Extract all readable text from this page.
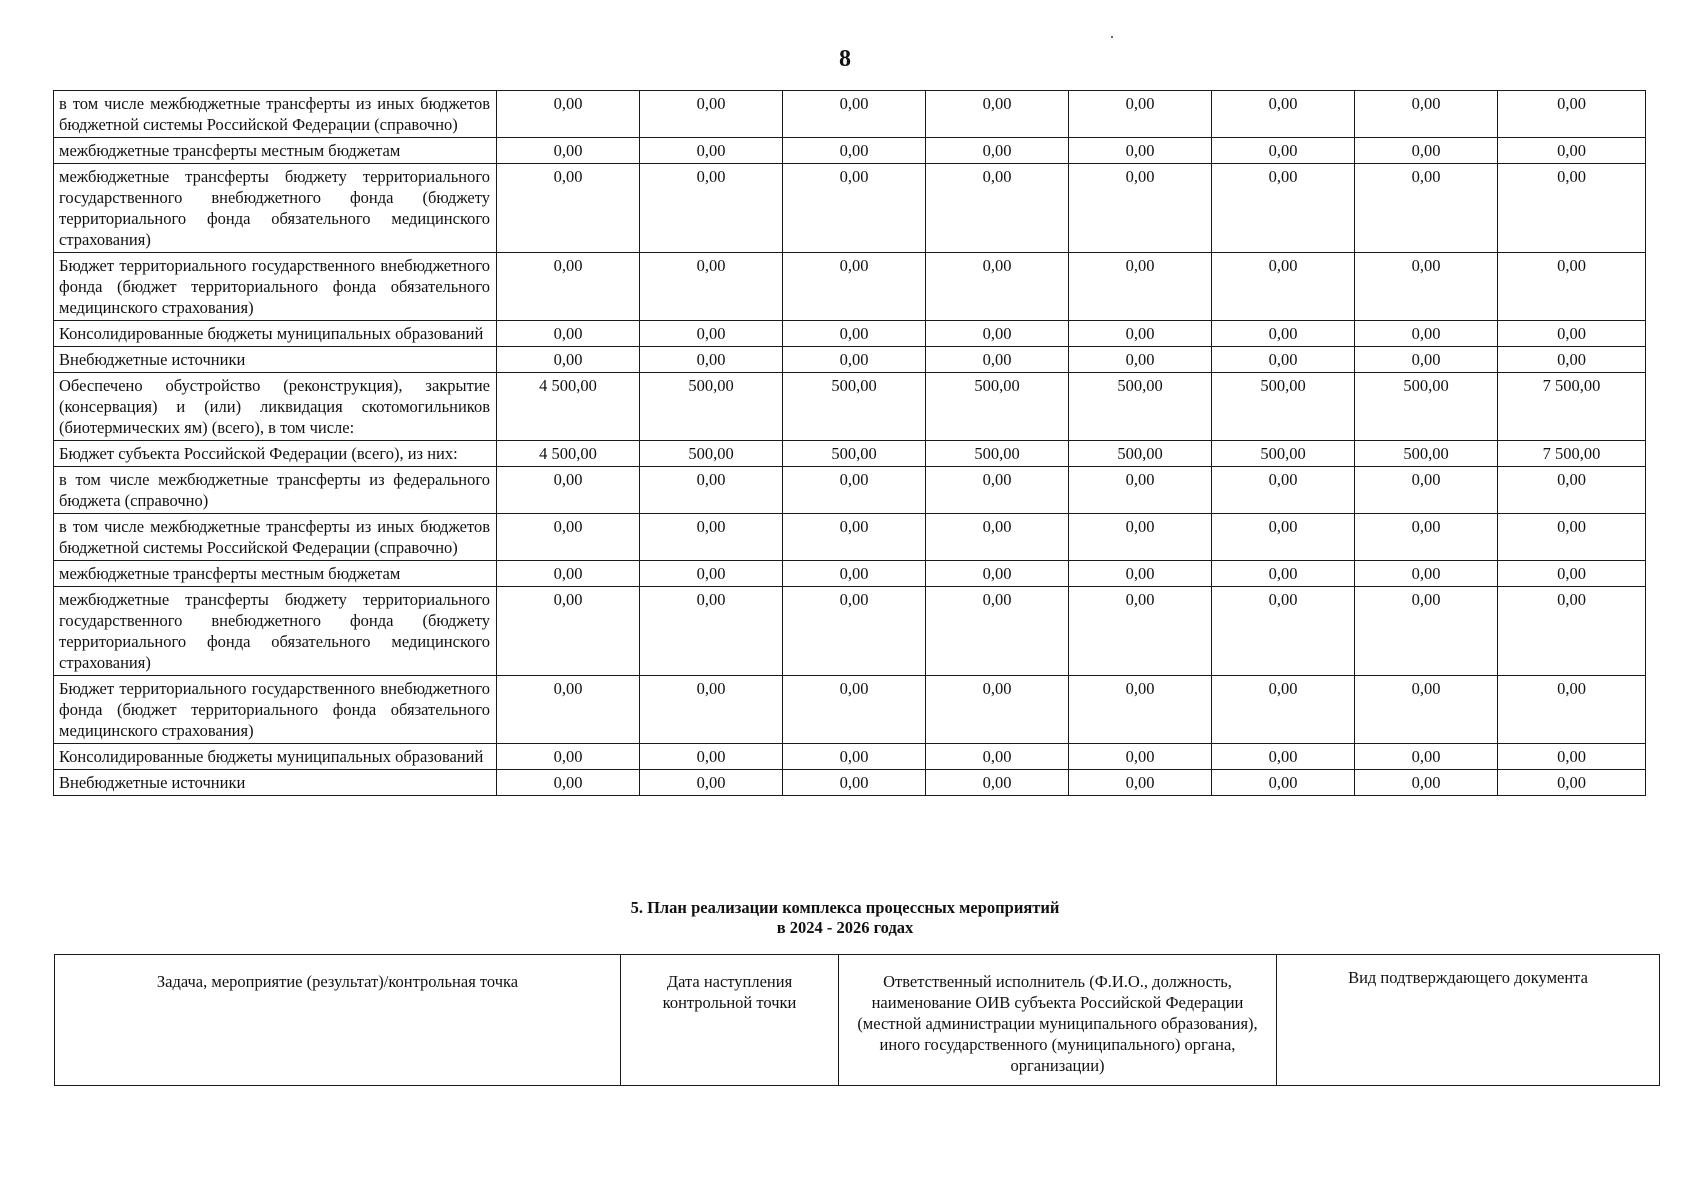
8
в том числе межбюджетные трансферты из иных бюджетов бюджетной системы Российской Федерации (справочно)	0,00	0,00	0,00	0,00	0,00	0,00	0,00	0,00
межбюджетные трансферты местным бюджетам	0,00	0,00	0,00	0,00	0,00	0,00	0,00	0,00
межбюджетные трансферты бюджету территориального государственного внебюджетного фонда (бюджету территориального фонда обязательного медицинского страхования)	0,00	0,00	0,00	0,00	0,00	0,00	0,00	0,00
Бюджет территориального государственного внебюджетного фонда (бюджет территориального фонда обязательного медицинского страхования)	0,00	0,00	0,00	0,00	0,00	0,00	0,00	0,00
Консолидированные бюджеты муниципальных образований	0,00	0,00	0,00	0,00	0,00	0,00	0,00	0,00
Внебюджетные источники	0,00	0,00	0,00	0,00	0,00	0,00	0,00	0,00
Обеспечено обустройство (реконструкция), закрытие (консервация) и (или) ликвидация скотомогильников (биотермических ям) (всего), в том числе:	4 500,00	500,00	500,00	500,00	500,00	500,00	500,00	7 500,00
Бюджет субъекта Российской Федерации (всего), из них:	4 500,00	500,00	500,00	500,00	500,00	500,00	500,00	7 500,00
в том числе межбюджетные трансферты из федерального бюджета (справочно)	0,00	0,00	0,00	0,00	0,00	0,00	0,00	0,00
в том числе межбюджетные трансферты из иных бюджетов бюджетной системы Российской Федерации (справочно)	0,00	0,00	0,00	0,00	0,00	0,00	0,00	0,00
межбюджетные трансферты местным бюджетам	0,00	0,00	0,00	0,00	0,00	0,00	0,00	0,00
межбюджетные трансферты бюджету территориального государственного внебюджетного фонда (бюджету территориального фонда обязательного медицинского страхования)	0,00	0,00	0,00	0,00	0,00	0,00	0,00	0,00
Бюджет территориального государственного внебюджетного фонда (бюджет территориального фонда обязательного медицинского страхования)	0,00	0,00	0,00	0,00	0,00	0,00	0,00	0,00
Консолидированные бюджеты муниципальных образований	0,00	0,00	0,00	0,00	0,00	0,00	0,00	0,00
Внебюджетные источники	0,00	0,00	0,00	0,00	0,00	0,00	0,00	0,00
5. План реализации комплекса процессных мероприятий
в 2024 - 2026 годах
Задача, мероприятие (результат)/контрольная точка	Дата наступления контрольной точки	Ответственный исполнитель (Ф.И.О., должность, наименование ОИВ субъекта Российской Федерации (местной администрации муниципального образования), иного государственного (муниципального) органа, организации)	Вид подтверждающего документа
